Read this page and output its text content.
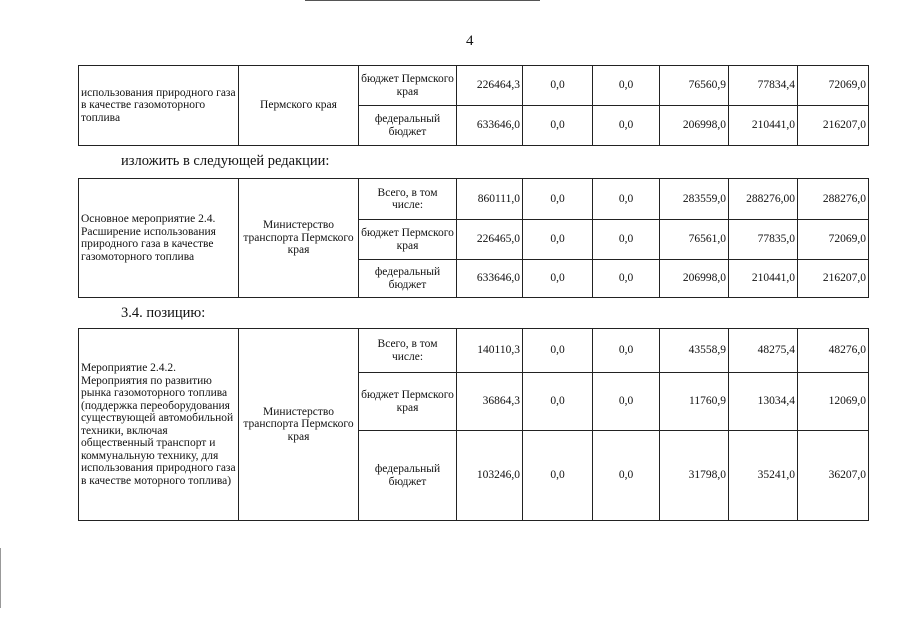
4
использования природного газа в качестве газомоторного топлива	Пермского края	бюджет Пермского края	226464,3	0,0	0,0	76560,9	77834,4	72069,0
		федеральный бюджет	633646,0	0,0	0,0	206998,0	210441,0	216207,0
изложить в следующей редакции:
Основное мероприятие 2.4. Расширение использования природного газа в качестве газомоторного топлива	Министерство транспорта Пермского края	Всего, в том числе:	860111,0	0,0	0,0	283559,0	288276,00	288276,0
		бюджет Пермского края	226465,0	0,0	0,0	76561,0	77835,0	72069,0
		федеральный бюджет	633646,0	0,0	0,0	206998,0	210441,0	216207,0
3.4. позицию:
Мероприятие 2.4.2. Мероприятия по развитию рынка газомоторного топлива (поддержка переоборудования существующей автомобильной техники, включая общественный транспорт и коммунальную технику, для использования природного газа в качестве моторного топлива)	Министерство транспорта Пермского края	Всего, в том числе:	140110,3	0,0	0,0	43558,9	48275,4	48276,0
		бюджет Пермского края	36864,3	0,0	0,0	11760,9	13034,4	12069,0
		федеральный бюджет	103246,0	0,0	0,0	31798,0	35241,0	36207,0
